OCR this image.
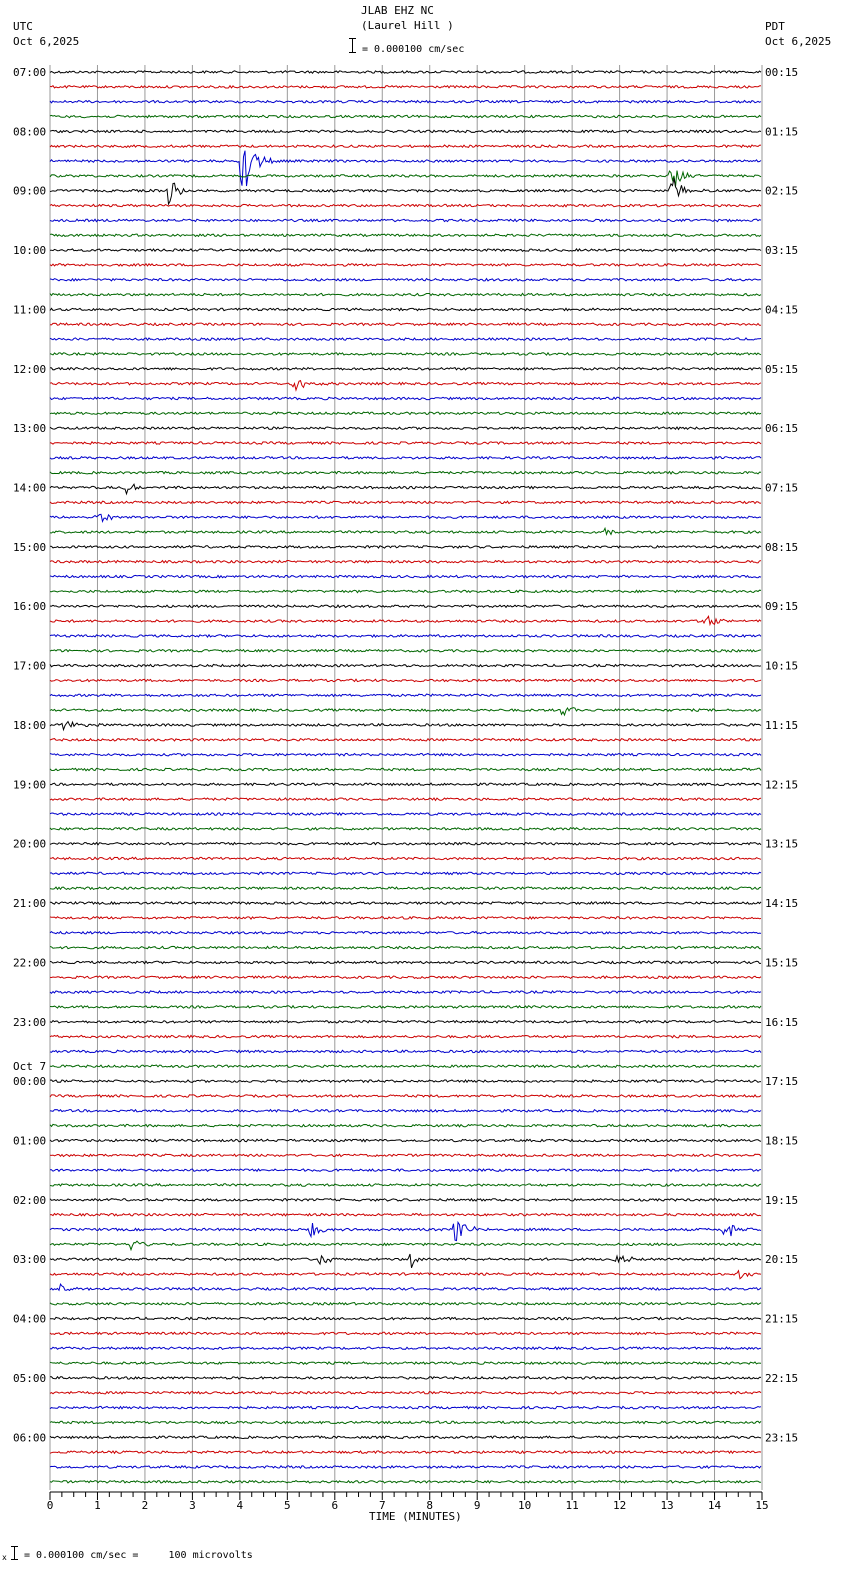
JLAB EHZ NC
(Laurel Hill )
= 0.000100 cm/sec
UTC
Oct 6,2025
PDT
Oct 6,2025
07:00	00:15
08:00	01:15
09:00	02:15
10:00	03:15
11:00	04:15
12:00	05:15
13:00	06:15
14:00	07:15
15:00	08:15
16:00	09:15
17:00	10:15
18:00	11:15
19:00	12:15
20:00	13:15
21:00	14:15
22:00	15:15
23:00	16:15
00:00	17:15
01:00	18:15
02:00	19:15
03:00	20:15
04:00	21:15
05:00	22:15
06:00	23:15
Oct 7
0	1	2	3	4	5	6	7	8	9	10	11	12	13	14	15
TIME (MINUTES)
x = 0.000100 cm/sec =     100 microvolts
